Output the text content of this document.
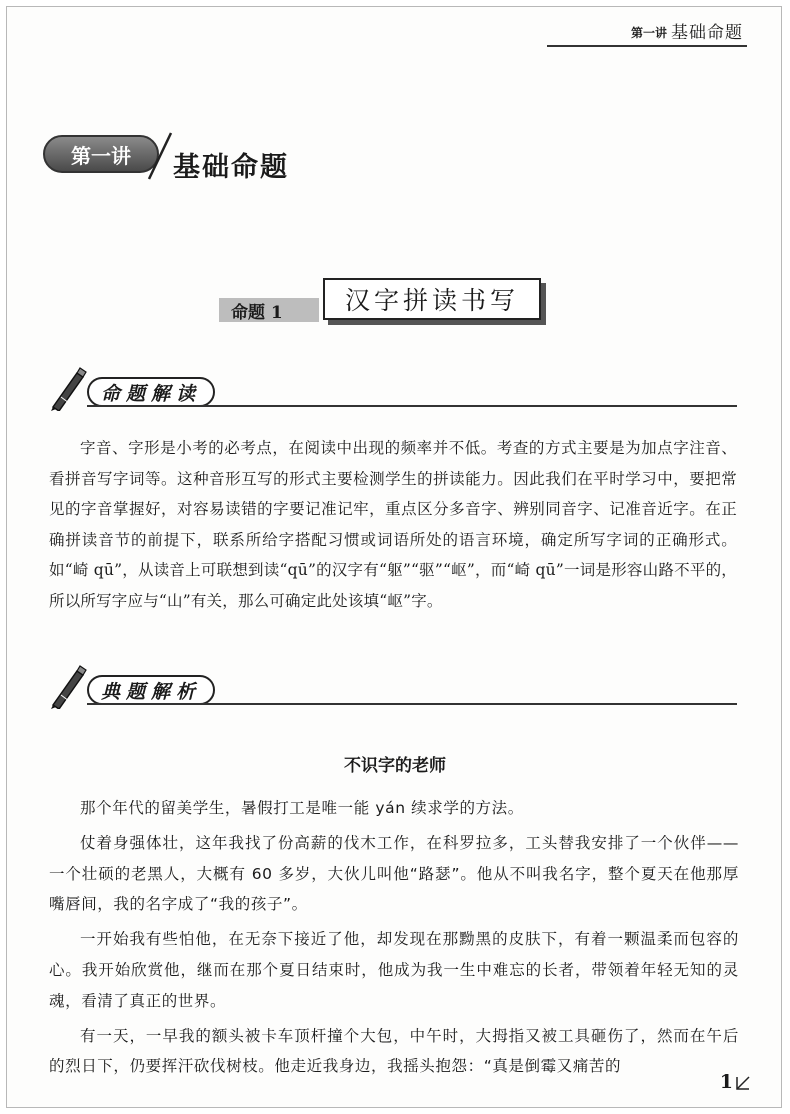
第一讲 基础命题
第一讲	基础命题
命题 1	汉字拼读书写
命题解读

字音、字形是小考的必考点，在阅读中出现的频率并不低。考查的方式主要是为加点字注音、看拼音写字词等。这种音形互写的形式主要检测学生的拼读能力。因此我们在平时学习中，要把常见的字音掌握好，对容易读错的字要记准记牢，重点区分多音字、辨别同音字、记准音近字。在正确拼读音节的前提下，联系所给字搭配习惯或词语所处的语言环境，确定所写字词的正确形式。如“崎 qū”，从读音上可联想到读“qū”的汉字有“躯”“驱”“岖”，而“崎 qū”一词是形容山路不平的，所以所写字应与“山”有关，那么可确定此处该填“岖”字。

典题解析
不识字的老师

那个年代的留美学生，暑假打工是唯一能 yán 续求学的方法。

仗着身强体壮，这年我找了份高薪的伐木工作，在科罗拉多，工头替我安排了一个伙伴——一个壮硕的老黑人，大概有 60 多岁，大伙儿叫他“路瑟”。他从不叫我名字，整个夏天在他那厚嘴唇间，我的名字成了“我的孩子”。

一开始我有些怕他，在无奈下接近了他，却发现在那黝黑的皮肤下，有着一颗温柔而包容的心。我开始欣赏他，继而在那个夏日结束时，他成为我一生中难忘的长者，带领着年轻无知的灵魂，看清了真正的世界。

有一天，一早我的额头被卡车顶杆撞个大包，中午时，大拇指又被工具砸伤了，然而在午后的烈日下，仍要挥汗砍伐树枝。他走近我身边，我摇头抱怨：“真是倒霉又痛苦的

1
